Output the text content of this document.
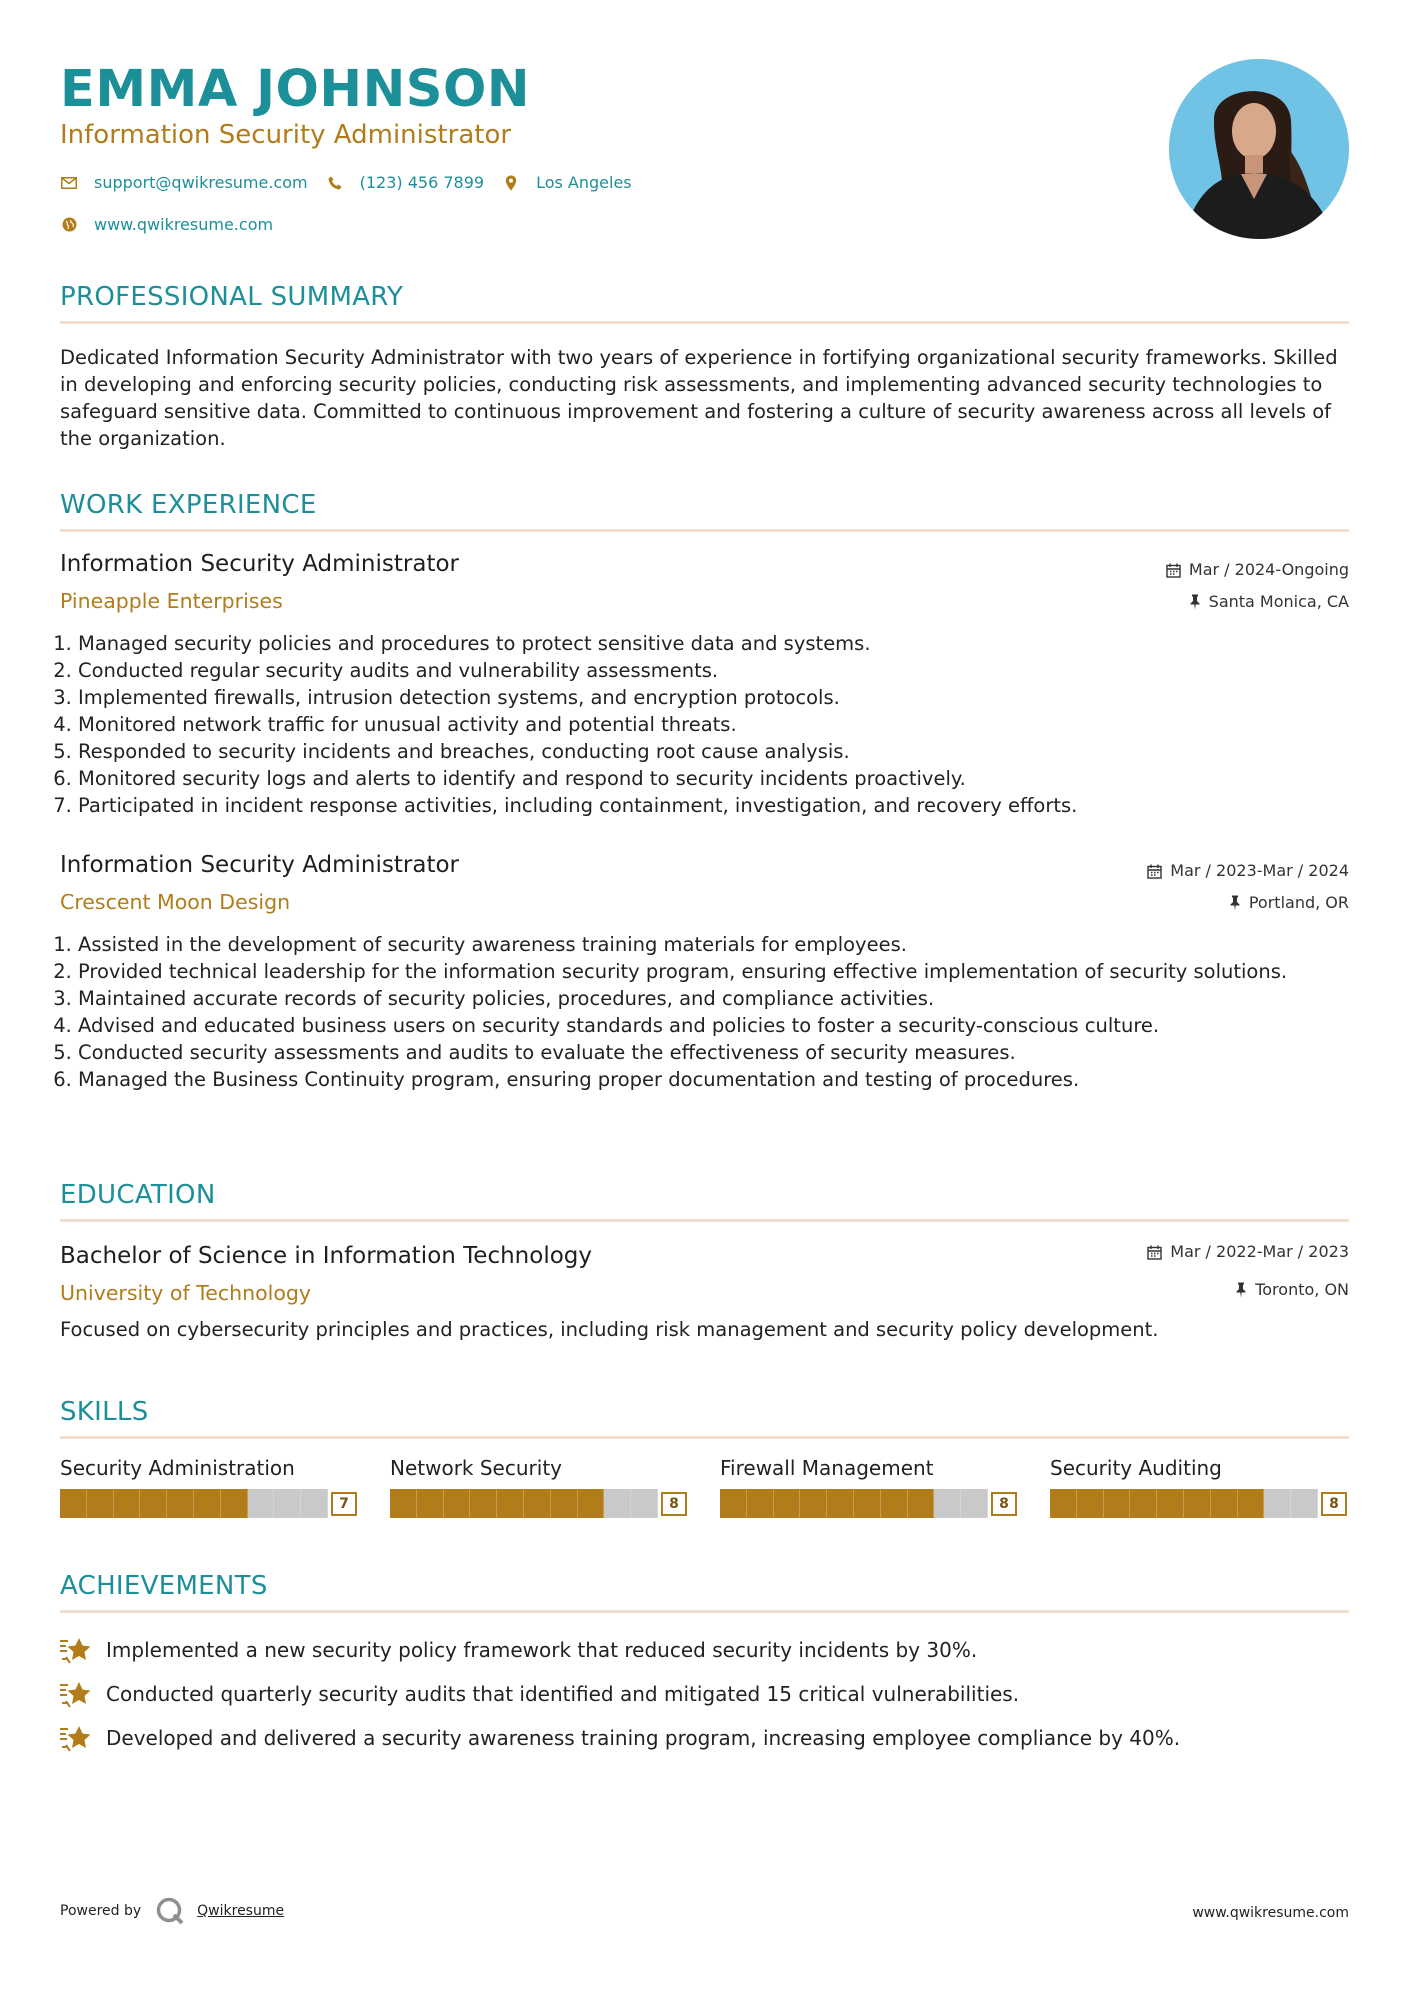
EMMA JOHNSON
Information Security Administrator
support@qwikresume.com	(123) 456 7899	Los Angeles
www.qwikresume.com
PROFESSIONAL SUMMARY

Dedicated Information Security Administrator with two years of experience in fortifying organizational security frameworks. Skilled in developing and enforcing security policies, conducting risk assessments, and implementing advanced security technologies to safeguard sensitive data. Committed to continuous improvement and fostering a culture of security awareness across all levels of the organization.

WORK EXPERIENCE
Information Security Administrator	Mar / 2024-Ongoing
Pineapple Enterprises	Santa Monica, CA
1. Managed security policies and procedures to protect sensitive data and systems.
2. Conducted regular security audits and vulnerability assessments.
3. Implemented firewalls, intrusion detection systems, and encryption protocols.
4. Monitored network traffic for unusual activity and potential threats.
5. Responded to security incidents and breaches, conducting root cause analysis.
6. Monitored security logs and alerts to identify and respond to security incidents proactively.
7. Participated in incident response activities, including containment, investigation, and recovery efforts.
Information Security Administrator	Mar / 2023-Mar / 2024
Crescent Moon Design	Portland, OR
1. Assisted in the development of security awareness training materials for employees.
2. Provided technical leadership for the information security program, ensuring effective implementation of security solutions.
3. Maintained accurate records of security policies, procedures, and compliance activities.
4. Advised and educated business users on security standards and policies to foster a security-conscious culture.
5. Conducted security assessments and audits to evaluate the effectiveness of security measures.
6. Managed the Business Continuity program, ensuring proper documentation and testing of procedures.
EDUCATION
Bachelor of Science in Information Technology	Mar / 2022-Mar / 2023
University of Technology	Toronto, ON

Focused on cybersecurity principles and practices, including risk management and security policy development.

SKILLS
Security Administration
7
Network Security
8
Firewall Management
8
Security Auditing
8
ACHIEVEMENTS
Implemented a new security policy framework that reduced security incidents by 30%.
Conducted quarterly security audits that identified and mitigated 15 critical vulnerabilities.
Developed and delivered a security awareness training program, increasing employee compliance by 40%.
Powered by	Qwikresume	www.qwikresume.com
